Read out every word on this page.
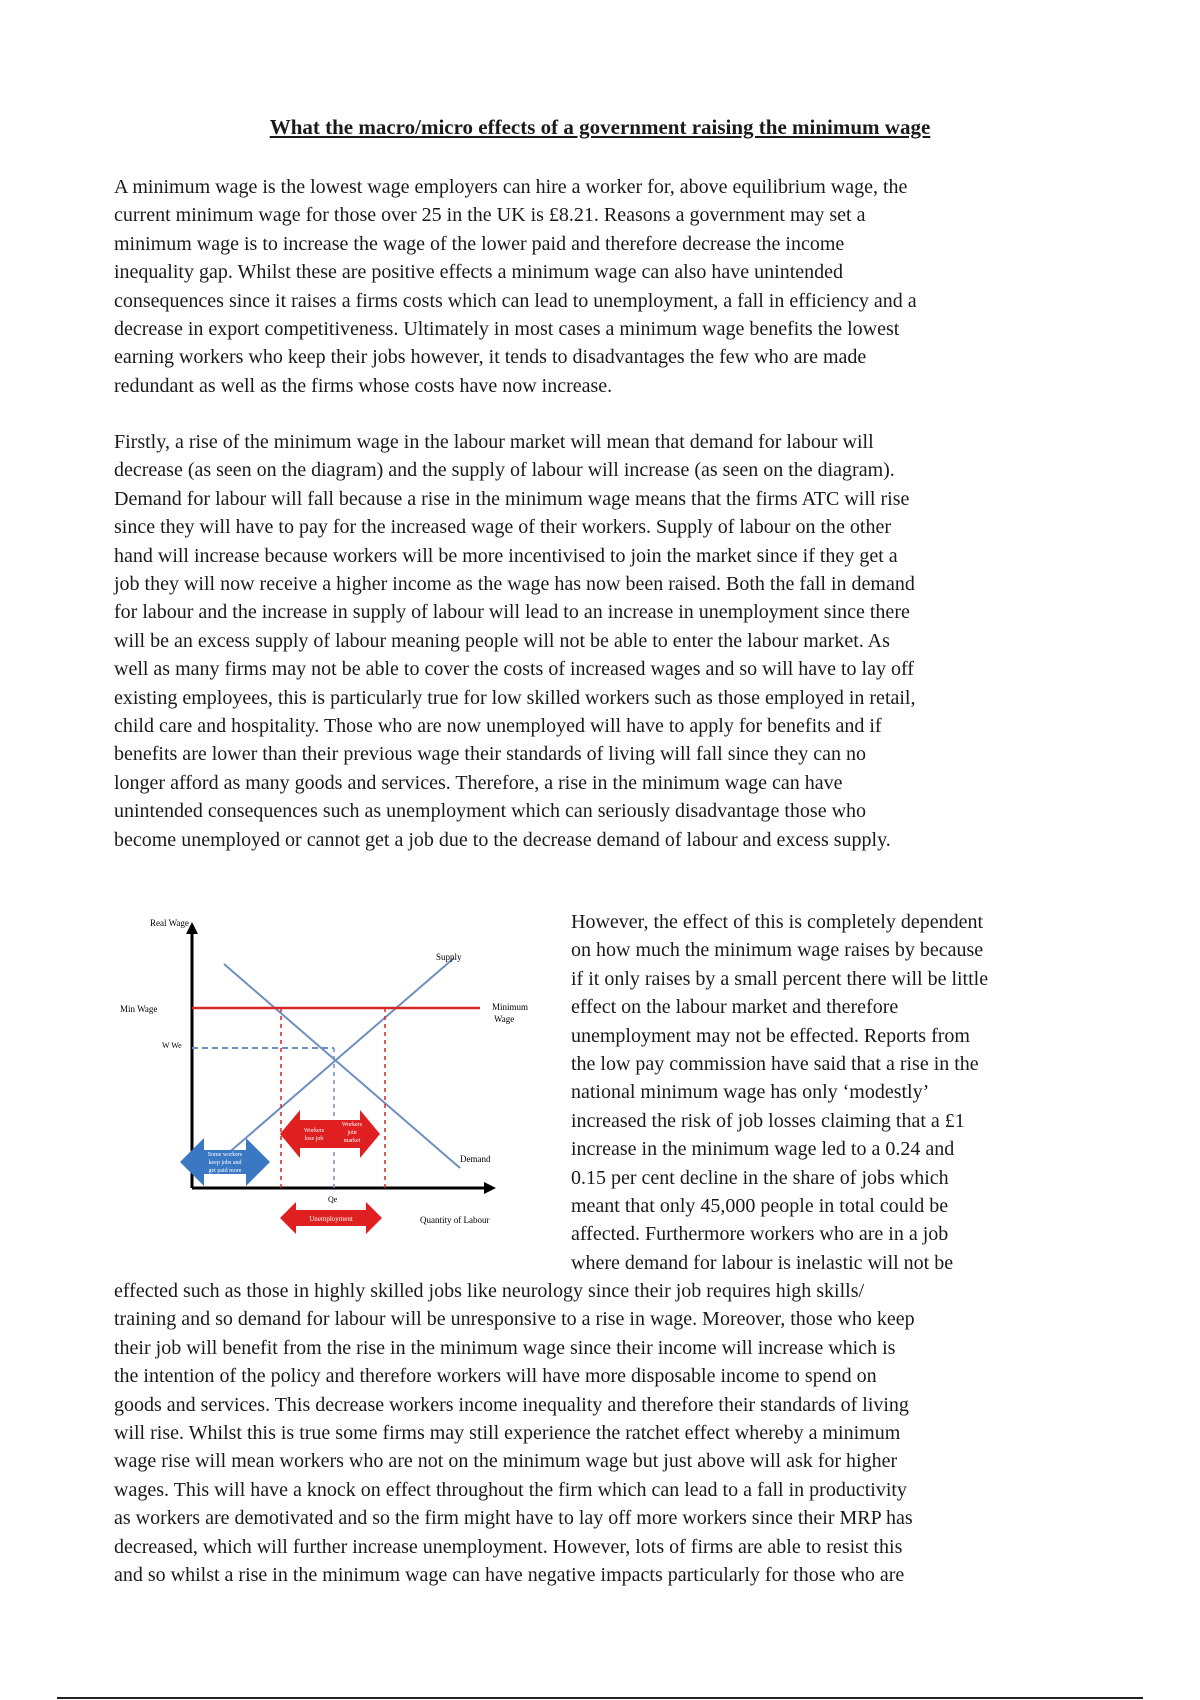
What the macro/micro effects of a government raising the minimum wage

A minimum wage is the lowest wage employers can hire a worker for, above equilibrium wage, the
current minimum wage for those over 25 in the UK is £8.21. Reasons a government may set a
minimum wage is to increase the wage of the lower paid and therefore decrease the income
inequality gap. Whilst these are positive effects a minimum wage can also have unintended
consequences since it raises a firms costs which can lead to unemployment, a fall in efficiency and a
decrease in export competitiveness. Ultimately in most cases a minimum wage benefits the lowest
earning workers who keep their jobs however, it tends to disadvantages the few who are made
redundant as well as the firms whose costs have now increase.

Firstly, a rise of the minimum wage in the labour market will mean that demand for labour will
decrease (as seen on the diagram) and the supply of labour will increase (as seen on the diagram).
Demand for labour will fall because a rise in the minimum wage means that the firms ATC will rise
since they will have to pay for the increased wage of their workers. Supply of labour on the other
hand will increase because workers will be more incentivised to join the market since if they get a
job they will now receive a higher income as the wage has now been raised. Both the fall in demand
for labour and the increase in supply of labour will lead to an increase in unemployment since there
will be an excess supply of labour meaning people will not be able to enter the labour market. As
well as many firms may not be able to cover the costs of increased wages and so will have to lay off
existing employees, this is particularly true for low skilled workers such as those employed in retail,
child care and hospitality. Those who are now unemployed will have to apply for benefits and if
benefits are lower than their previous wage their standards of living will fall since they can no
longer afford as many goods and services. Therefore, a rise in the minimum wage can have
unintended consequences such as unemployment which can seriously disadvantage those who
become unemployed or cannot get a job due to the decrease demand of labour and excess supply.

Real Wage
Quantity of Labour
Supply
Demand
Min Wage	Minimum
Wage
W We
Qe
Some workers
keep jobs and
get paid more
Workers
lose job
Workers
join
market
Unemployment

However, the effect of this is completely dependent
on how much the minimum wage raises by because
if it only raises by a small percent there will be little
effect on the labour market and therefore
unemployment may not be effected. Reports from
the low pay commission have said that a rise in the
national minimum wage has only ‘modestly’
increased the risk of job losses claiming that a £1
increase in the minimum wage led to a 0.24 and
0.15 per cent decline in the share of jobs which
meant that only 45,000 people in total could be
affected. Furthermore workers who are in a job
where demand for labour is inelastic will not be

effected such as those in highly skilled jobs like neurology since their job requires high skills/
training and so demand for labour will be unresponsive to a rise in wage. Moreover, those who keep
their job will benefit from the rise in the minimum wage since their income will increase which is
the intention of the policy and therefore workers will have more disposable income to spend on
goods and services. This decrease workers income inequality and therefore their standards of living
will rise. Whilst this is true some firms may still experience the ratchet effect whereby a minimum
wage rise will mean workers who are not on the minimum wage but just above will ask for higher
wages. This will have a knock on effect throughout the firm which can lead to a fall in productivity
as workers are demotivated and so the firm might have to lay off more workers since their MRP has
decreased, which will further increase unemployment. However, lots of firms are able to resist this
and so whilst a rise in the minimum wage can have negative impacts particularly for those who are
